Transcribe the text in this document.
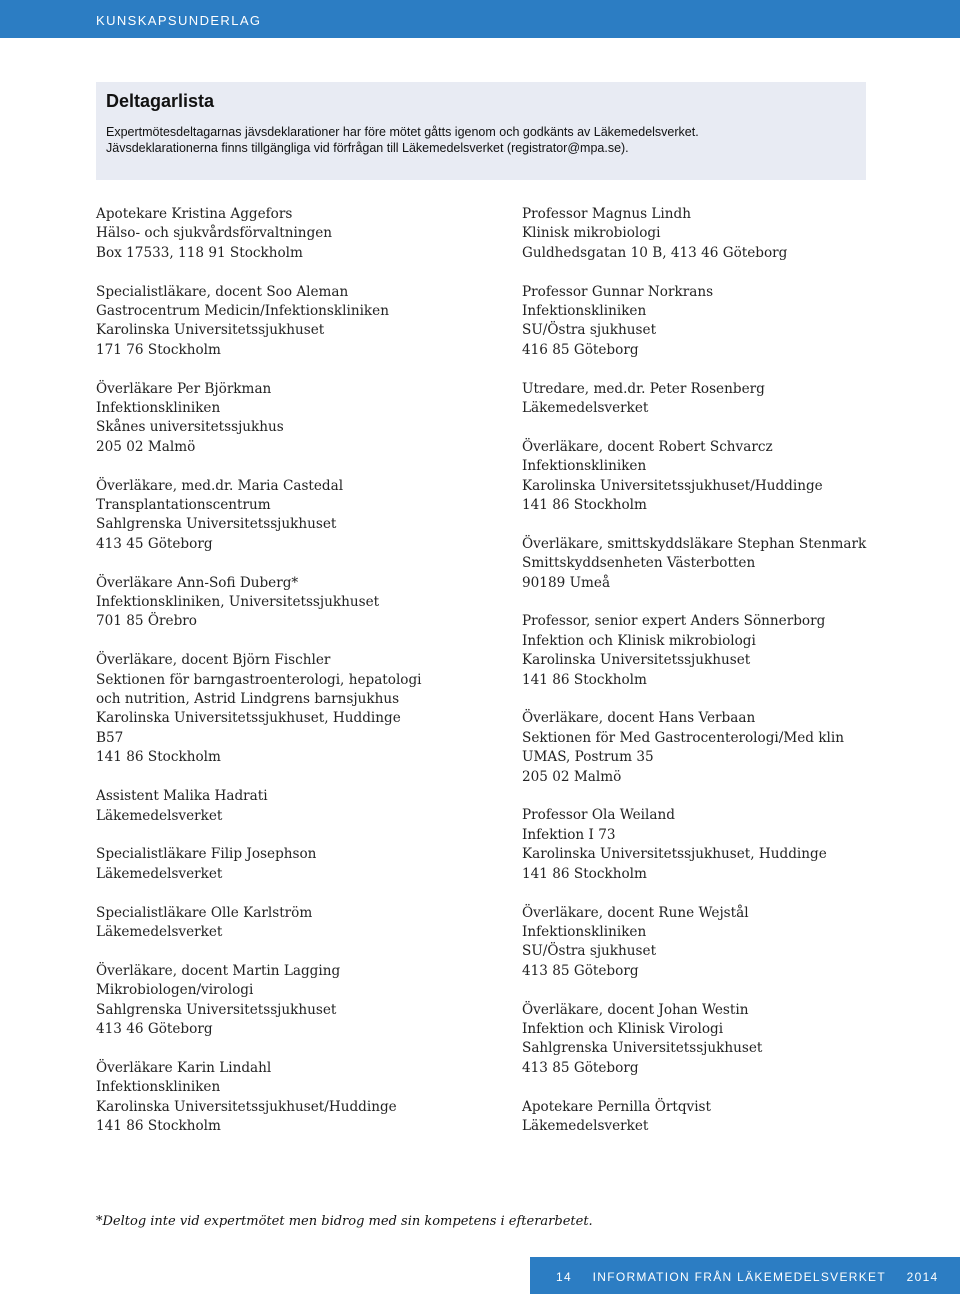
KUNSKAPSUNDERLAG
Deltagarlista
Expertmötesdeltagarnas jävsdeklarationer har före mötet gåtts igenom och godkänts av Läkemedelsverket. Jävsdeklarationerna finns tillgängliga vid förfrågan till Läkemedelsverket (registrator@mpa.se).
Apotekare Kristina Aggefors
Hälso- och sjukvårdsförvaltningen
Box 17533, 118 91 Stockholm
Specialistläkare, docent Soo Aleman
Gastrocentrum Medicin/Infektionskliniken
Karolinska Universitetssjukhuset
171 76 Stockholm
Överläkare Per Björkman
Infektionskliniken
Skånes universitetssjukhus
205 02 Malmö
Överläkare, med.dr. Maria Castedal
Transplantationscentrum
Sahlgrenska Universitetssjukhuset
413 45 Göteborg
Överläkare Ann-Sofi Duberg*
Infektionskliniken, Universitetssjukhuset
701 85 Örebro
Överläkare, docent Björn Fischler
Sektionen för barngastroenterologi, hepatologi
och nutrition, Astrid Lindgrens barnsjukhus
Karolinska Universitetssjukhuset, Huddinge
B57
141 86 Stockholm
Assistent Malika Hadrati
Läkemedelsverket
Specialistläkare Filip Josephson
Läkemedelsverket
Specialistläkare Olle Karlström
Läkemedelsverket
Överläkare, docent Martin Lagging
Mikrobiologen/virologi
Sahlgrenska Universitetssjukhuset
413 46 Göteborg
Överläkare Karin Lindahl
Infektionskliniken
Karolinska Universitetssjukhuset/Huddinge
141 86 Stockholm
Professor Magnus Lindh
Klinisk mikrobiologi
Guldhedsgatan 10 B, 413 46 Göteborg
Professor Gunnar Norkrans
Infektionskliniken
SU/Östra sjukhuset
416 85 Göteborg
Utredare, med.dr. Peter Rosenberg
Läkemedelsverket
Överläkare, docent Robert Schvarcz
Infektionskliniken
Karolinska Universitetssjukhuset/Huddinge
141 86 Stockholm
Överläkare, smittskyddsläkare Stephan Stenmark
Smittskyddsenheten Västerbotten
90189 Umeå
Professor, senior expert Anders Sönnerborg
Infektion och Klinisk mikrobiologi
Karolinska Universitetssjukhuset
141 86 Stockholm
Överläkare, docent Hans Verbaan
Sektionen för Med Gastrocenterologi/Med klin
UMAS, Postrum 35
205 02 Malmö
Professor Ola Weiland
Infektion I 73
Karolinska Universitetssjukhuset, Huddinge
141 86 Stockholm
Överläkare, docent Rune Wejstål
Infektionskliniken
SU/Östra sjukhuset
413 85 Göteborg
Överläkare, docent Johan Westin
Infektion och Klinisk Virologi
Sahlgrenska Universitetssjukhuset
413 85 Göteborg
Apotekare Pernilla Örtqvist
Läkemedelsverket
*Deltog inte vid expertmötet men bidrog med sin kompetens i efterarbetet.
14 INFORMATION FRÅN LÄKEMEDELSVERKET 2014
